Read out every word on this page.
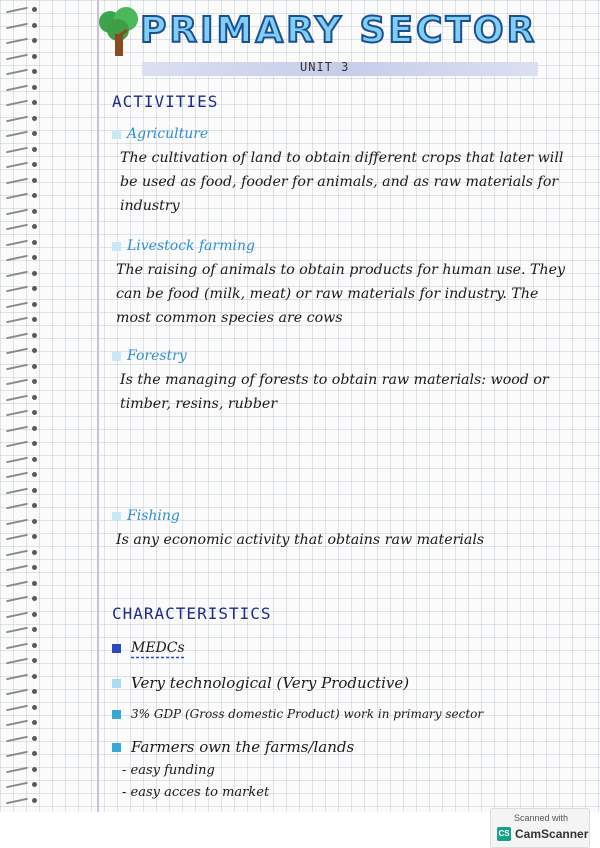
PRIMARY SECTOR
UNIT 3
ACTIVITIES
Agriculture

The cultivation of land to obtain different crops that later will be used as food, fooder for animals, and as raw materials for industry

Livestock farming

The raising of animals to obtain products for human use. They can be food (milk, meat) or raw materials for industry. The most common species are cows

Forestry

Is the managing of forests to obtain raw materials: wood or timber, resins, rubber

Fishing

Is any economic activity that obtains raw materials

CHARACTERISTICS
MEDCs
Very technological (Very Productive)
3% GDP (Gross domestic Product) work in primary sector
Farmers own the farms/lands
- easy funding
- easy acces to market
Scanned with
CS CamScanner
